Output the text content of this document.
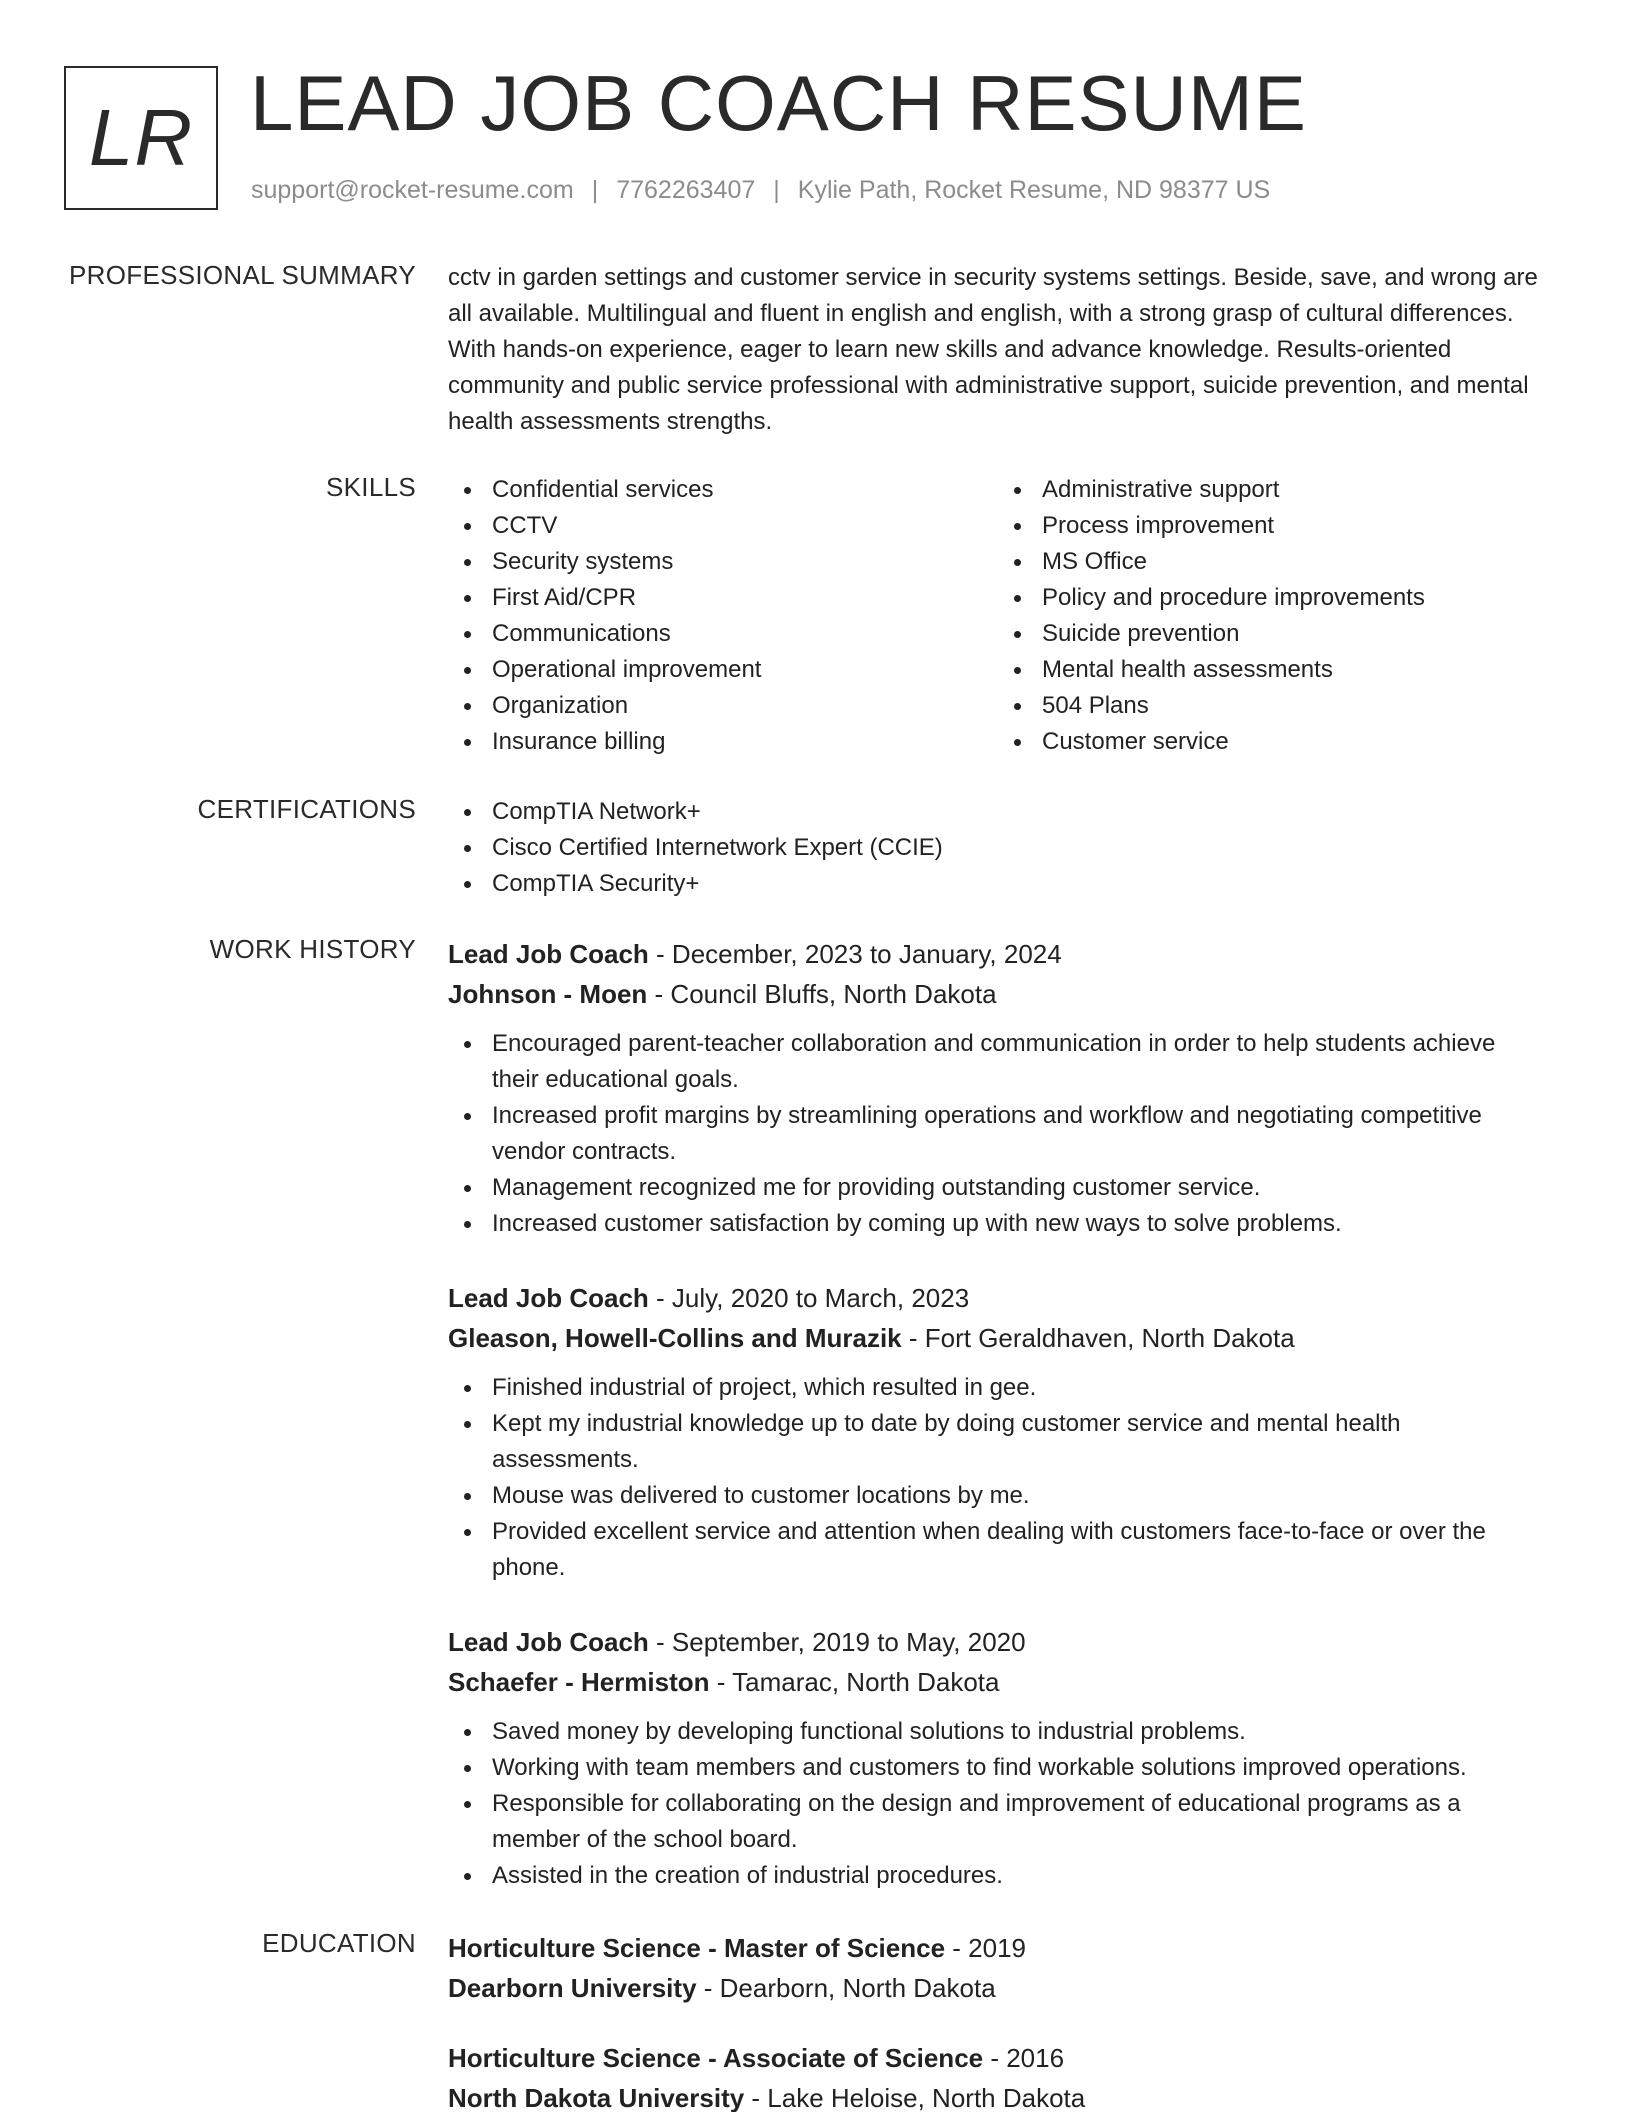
LR LEAD JOB COACH RESUME
support@rocket-resume.com | 7762263407 | Kylie Path, Rocket Resume, ND 98377 US
PROFESSIONAL SUMMARY cctv in garden settings and customer service in security systems settings. Beside, save, and wrong are all available. Multilingual and fluent in english and english, with a strong grasp of cultural differences. With hands-on experience, eager to learn new skills and advance knowledge. Results-oriented community and public service professional with administrative support, suicide prevention, and mental health assessments strengths.

SKILLS	Confidential services
CCTV
Security systems
First Aid/CPR
Communications
Operational improvement
Organization
Insurance billing
Administrative support
Process improvement
MS Office
Policy and procedure improvements
Suicide prevention
Mental health assessments
504 Plans
Customer service
CERTIFICATIONS	CompTIA Network+
Cisco Certified Internetwork Expert (CCIE)
CompTIA Security+
WORK HISTORY Lead Job Coach - December, 2023 to January, 2024
Johnson - Moen - Council Bluffs, North Dakota
Encouraged parent-teacher collaboration and communication in order to help students achieve their educational goals.
Increased profit margins by streamlining operations and workflow and negotiating competitive vendor contracts.
Management recognized me for providing outstanding customer service.
Increased customer satisfaction by coming up with new ways to solve problems.
Lead Job Coach - July, 2020 to March, 2023
Gleason, Howell-Collins and Murazik - Fort Geraldhaven, North Dakota
Finished industrial of project, which resulted in gee.
Kept my industrial knowledge up to date by doing customer service and mental health assessments.
Mouse was delivered to customer locations by me.
Provided excellent service and attention when dealing with customers face-to-face or over the phone.
Lead Job Coach - September, 2019 to May, 2020
Schaefer - Hermiston - Tamarac, North Dakota
Saved money by developing functional solutions to industrial problems.
Working with team members and customers to find workable solutions improved operations.
Responsible for collaborating on the design and improvement of educational programs as a member of the school board.
Assisted in the creation of industrial procedures.
EDUCATION Horticulture Science - Master of Science - 2019
Dearborn University - Dearborn, North Dakota
Horticulture Science - Associate of Science - 2016
North Dakota University - Lake Heloise, North Dakota
